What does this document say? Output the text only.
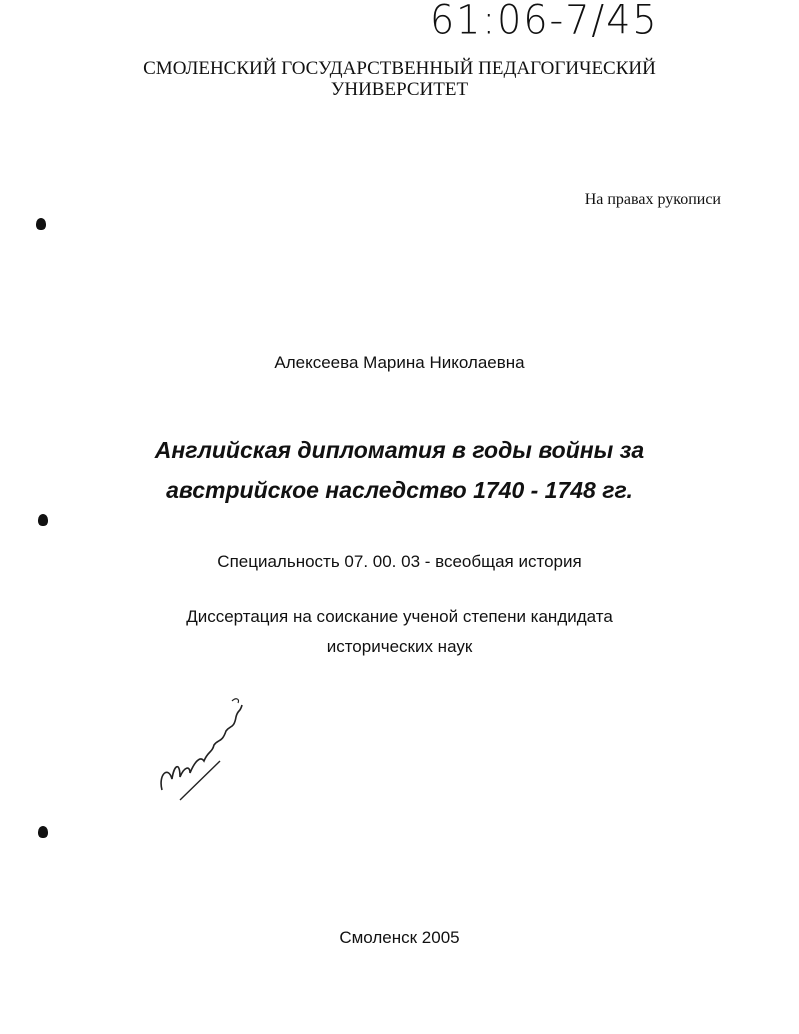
61:06-7/45
СМОЛЕНСКИЙ ГОСУДАРСТВЕННЫЙ ПЕДАГОГИЧЕСКИЙ
УНИВЕРСИТЕТ
На правах рукописи
Алексеева Марина Николаевна
Английская дипломатия в годы войны за
австрийское наследство 1740 - 1748 гг.
Специальность 07. 00. 03 - всеобщая история
Диссертация на соискание ученой степени кандидата
исторических наук
Смоленск 2005
